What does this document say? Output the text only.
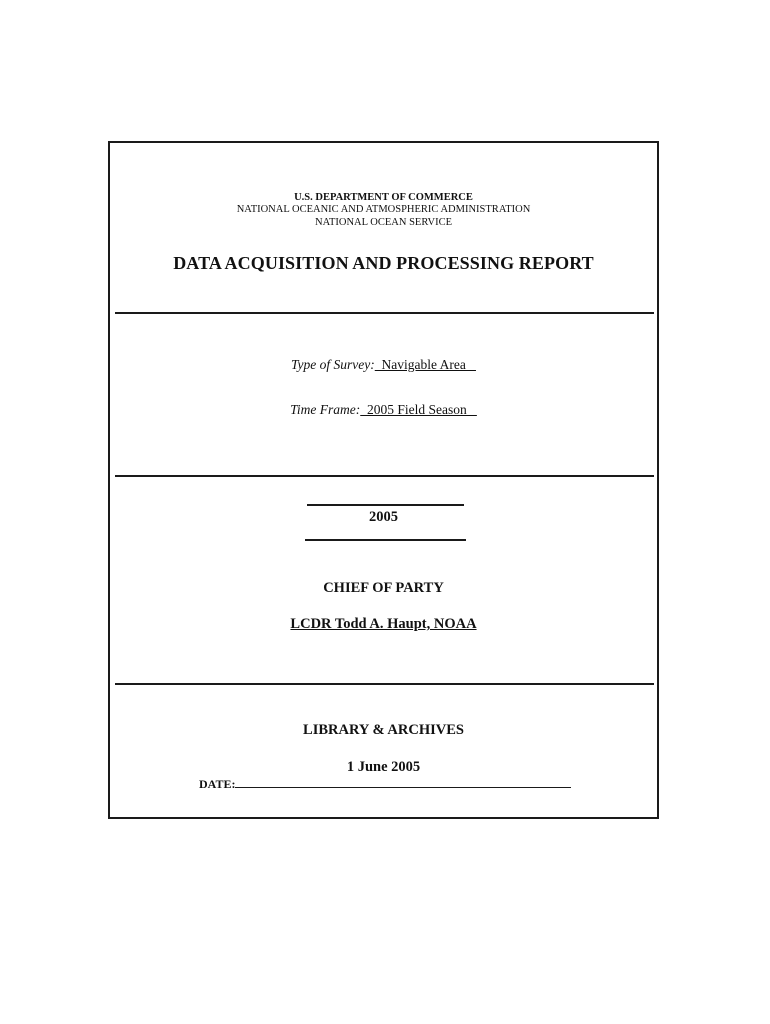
U.S. DEPARTMENT OF COMMERCE
NATIONAL OCEANIC AND ATMOSPHERIC ADMINISTRATION
NATIONAL OCEAN SERVICE
DATA ACQUISITION AND PROCESSING REPORT
Type of Survey:  Navigable Area
Time Frame:  2005 Field Season
2005
CHIEF OF PARTY
LCDR Todd A. Haupt, NOAA
LIBRARY & ARCHIVES
1 June 2005
DATE:
